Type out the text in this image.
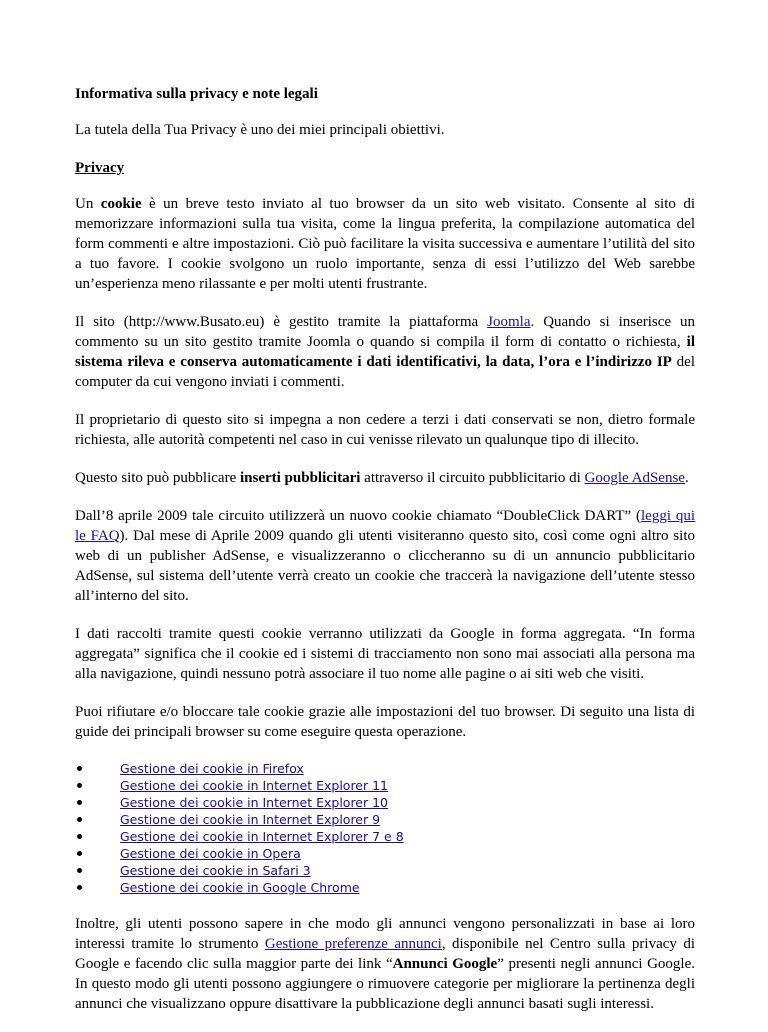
Informativa sulla privacy e note legali

La tutela della Tua Privacy è uno dei miei principali obiettivi.

Privacy

Un cookie è un breve testo inviato al tuo browser da un sito web visitato. Consente al sito di memorizzare informazioni sulla tua visita, come la lingua preferita, la compilazione automatica del form commenti e altre impostazioni. Ciò può facilitare la visita successiva e aumentare l’utilità del sito a tuo favore. I cookie svolgono un ruolo importante, senza di essi l’utilizzo del Web sarebbe un’esperienza meno rilassante e per molti utenti frustrante.

Il sito (http://www.Busato.eu) è gestito tramite la piattaforma Joomla. Quando si inserisce un commento su un sito gestito tramite Joomla o quando si compila il form di contatto o richiesta, il sistema rileva e conserva automaticamente i dati identificativi, la data, l’ora e l’indirizzo IP del computer da cui vengono inviati i commenti.

Il proprietario di questo sito si impegna a non cedere a terzi i dati conservati se non, dietro formale richiesta, alle autorità competenti nel caso in cui venisse rilevato un qualunque tipo di illecito.

Questo sito può pubblicare inserti pubblicitari attraverso il circuito pubblicitario di Google AdSense.

Dall’8 aprile 2009 tale circuito utilizzerà un nuovo cookie chiamato “DoubleClick DART” (leggi qui le FAQ). Dal mese di Aprile 2009 quando gli utenti visiteranno questo sito, così come ogni altro sito web di un publisher AdSense, e visualizzeranno o cliccheranno su di un annuncio pubblicitario AdSense, sul sistema dell’utente verrà creato un cookie che traccerà la navigazione dell’utente stesso all’interno del sito.

I dati raccolti tramite questi cookie verranno utilizzati da Google in forma aggregata. “In forma aggregata” significa che il cookie ed i sistemi di tracciamento non sono mai associati alla persona ma alla navigazione, quindi nessuno potrà associare il tuo nome alle pagine o ai siti web che visiti.

Puoi rifiutare e/o bloccare tale cookie grazie alle impostazioni del tuo browser. Di seguito una lista di guide dei principali browser su come eseguire questa operazione.

Gestione dei cookie in Firefox
Gestione dei cookie in Internet Explorer 11
Gestione dei cookie in Internet Explorer 10
Gestione dei cookie in Internet Explorer 9
Gestione dei cookie in Internet Explorer 7 e 8
Gestione dei cookie in Opera
Gestione dei cookie in Safari 3
Gestione dei cookie in Google Chrome

Inoltre, gli utenti possono sapere in che modo gli annunci vengono personalizzati in base ai loro interessi tramite lo strumento Gestione preferenze annunci, disponibile nel Centro sulla privacy di Google e facendo clic sulla maggior parte dei link “Annunci Google” presenti negli annunci Google. In questo modo gli utenti possono aggiungere o rimuovere categorie per migliorare la pertinenza degli annunci che visualizzano oppure disattivare la pubblicazione degli annunci basati sugli interessi.
